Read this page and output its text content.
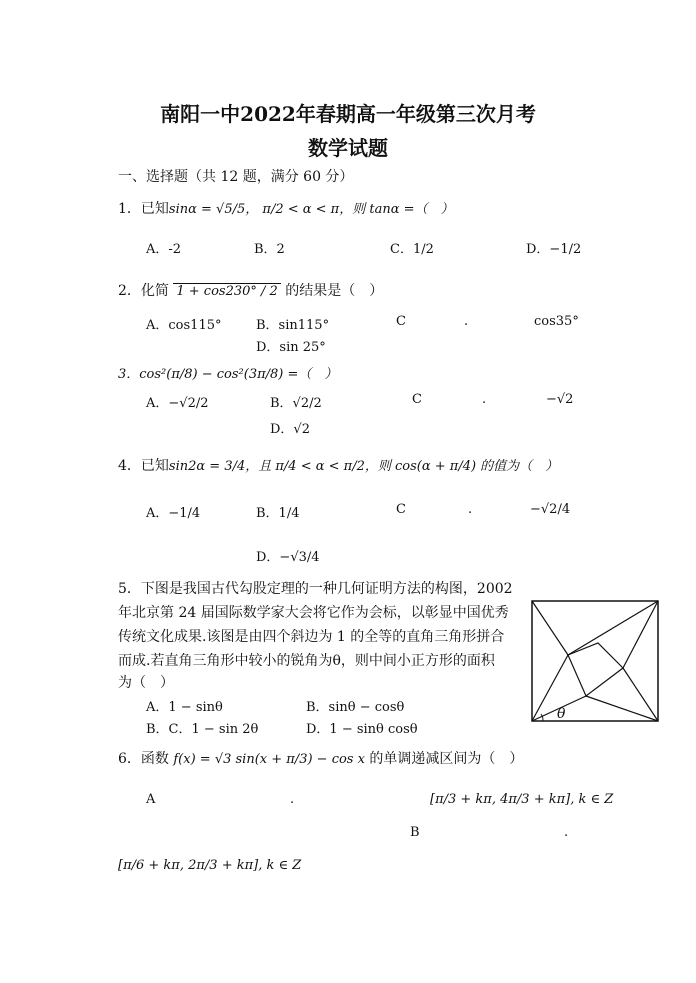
南阳一中2022年春期高一年级第三次月考
数学试题
一、选择题（共 12 题，满分 60 分）
1．已知sinα = √5/5， π/2 < α < π，则 tanα =（　）
A．-2	B．2	C．1/2	D．−1/2
2．化简 1 + cos230° / 2 的结果是（　）
A．cos115°	B．sin115°	C	.	cos35°
D．sin 25°
3．cos²(π/8) − cos²(3π/8) =（　）
A．−√2/2	B．√2/2	C	.	−√2
D．√2
4．已知sin2α = 3/4，且 π/4 < α < π/2，则 cos(α + π/4) 的值为（　）
A．−1/4	B．1/4	C	.	−√2/4
D．−√3/4
5．下图是我国古代勾股定理的一种几何证明方法的构图，2002
年北京第 24 届国际数学家大会将它作为会标，以彰显中国优秀
传统文化成果.该图是由四个斜边为 1 的全等的直角三角形拼合
而成.若直角三角形中较小的锐角为θ，则中间小正方形的面积
为（　）
A．1 − sinθ	B．sinθ − cosθ
B．C．1 − sin 2θ	D．1 − sinθ cosθ
θ
6．函数 f(x) = √3 sin(x + π/3) − cos x 的单调递减区间为（　）
A	.	[π/3 + kπ, 4π/3 + kπ], k ∈ Z
B	.
[π/6 + kπ, 2π/3 + kπ], k ∈ Z
